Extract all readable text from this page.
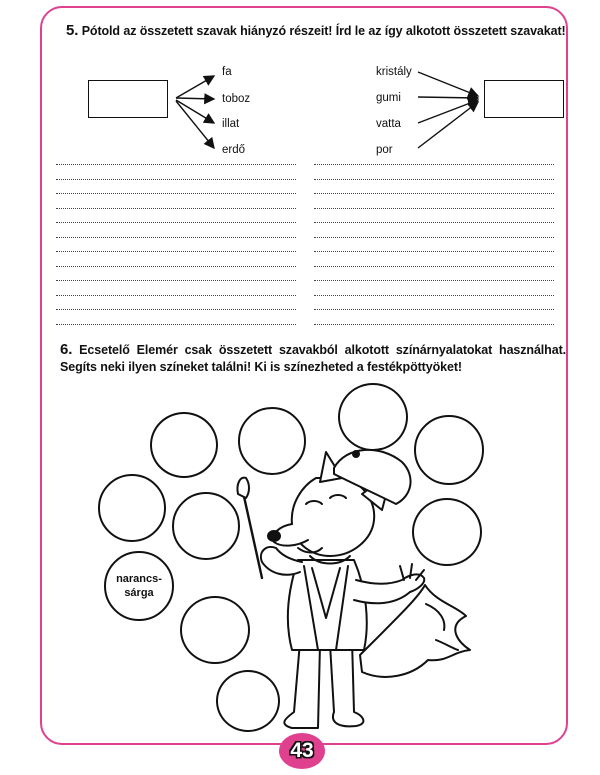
5. Pótold az összetett szavak hiányzó részeit! Írd le az így alkotott összetett szavakat!
fa
toboz
illat
erdő
kristály
gumi
vatta
por
6. Ecsetelő Elemér csak összetett szavakból alkotott színárnyalatokat használhat. Segíts neki ilyen színeket találni! Ki is színezheted a festékpöttyöket!
narancs-
sárga
43
